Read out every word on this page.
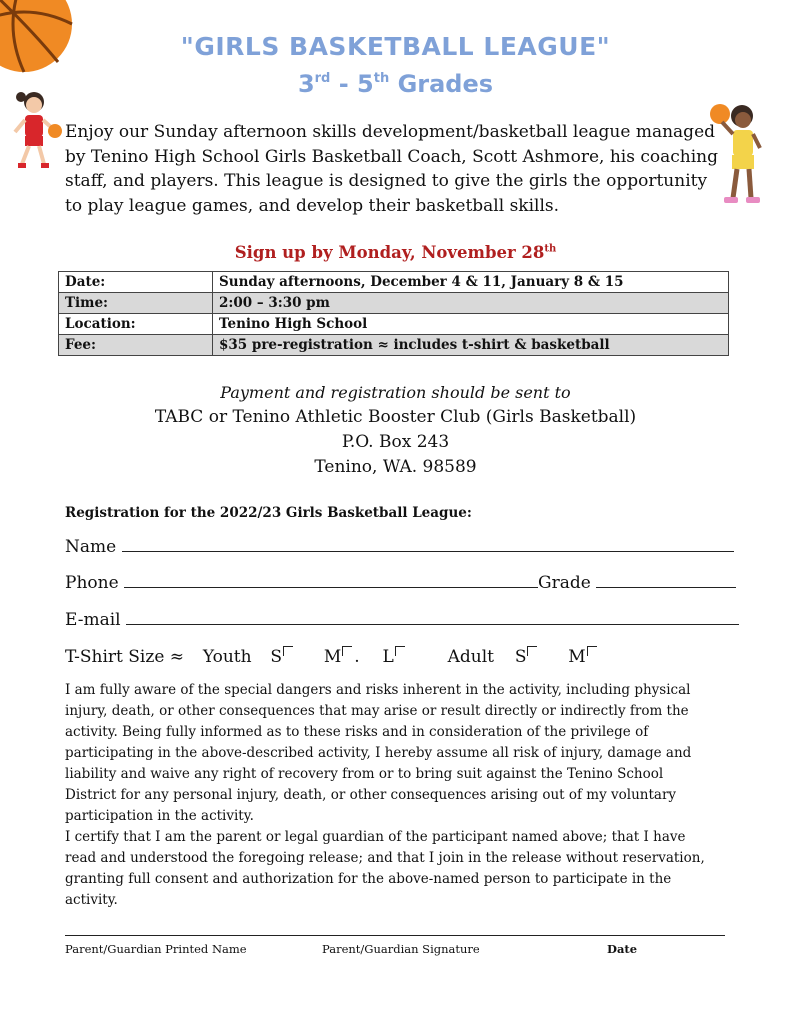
"GIRLS BASKETBALL LEAGUE"
3rd - 5th Grades
Enjoy our Sunday afternoon skills development/basketball league managed by Tenino High School Girls Basketball Coach, Scott Ashmore, his coaching staff, and players. This league is designed to give the girls the opportunity to play league games, and develop their basketball skills.
Sign up by Monday, November 28th
Date:	Sunday afternoons, December 4 & 11, January 8 & 15
Time:	2:00 – 3:30 pm
Location:	Tenino High School
Fee:	$35 pre-registration ≈ includes t-shirt & basketball
Payment and registration should be sent to
TABC or Tenino Athletic Booster Club (Girls Basketball)
P.O. Box 243
Tenino, WA. 98589
Registration for the 2022/23 Girls Basketball League:
Name
Phone	Grade
E-mail
T-Shirt Size ≈ Youth S M .  L	Adult S M

I am fully aware of the special dangers and risks inherent in the activity, including physical injury, death, or other consequences that may arise or result directly or indirectly from the activity. Being fully informed as to these risks and in consideration of the privilege of participating in the above-described activity, I hereby assume all risk of injury, damage and liability and waive any right of recovery from or to bring suit against the Tenino School District for any personal injury, death, or other consequences arising out of my voluntary participation in the activity.

I certify that I am the parent or legal guardian of the participant named above; that I have read and understood the foregoing release; and that I join in the release without reservation, granting full consent and authorization for the above-named person to participate in the activity.

Parent/Guardian Printed Name	Parent/Guardian Signature	Date
